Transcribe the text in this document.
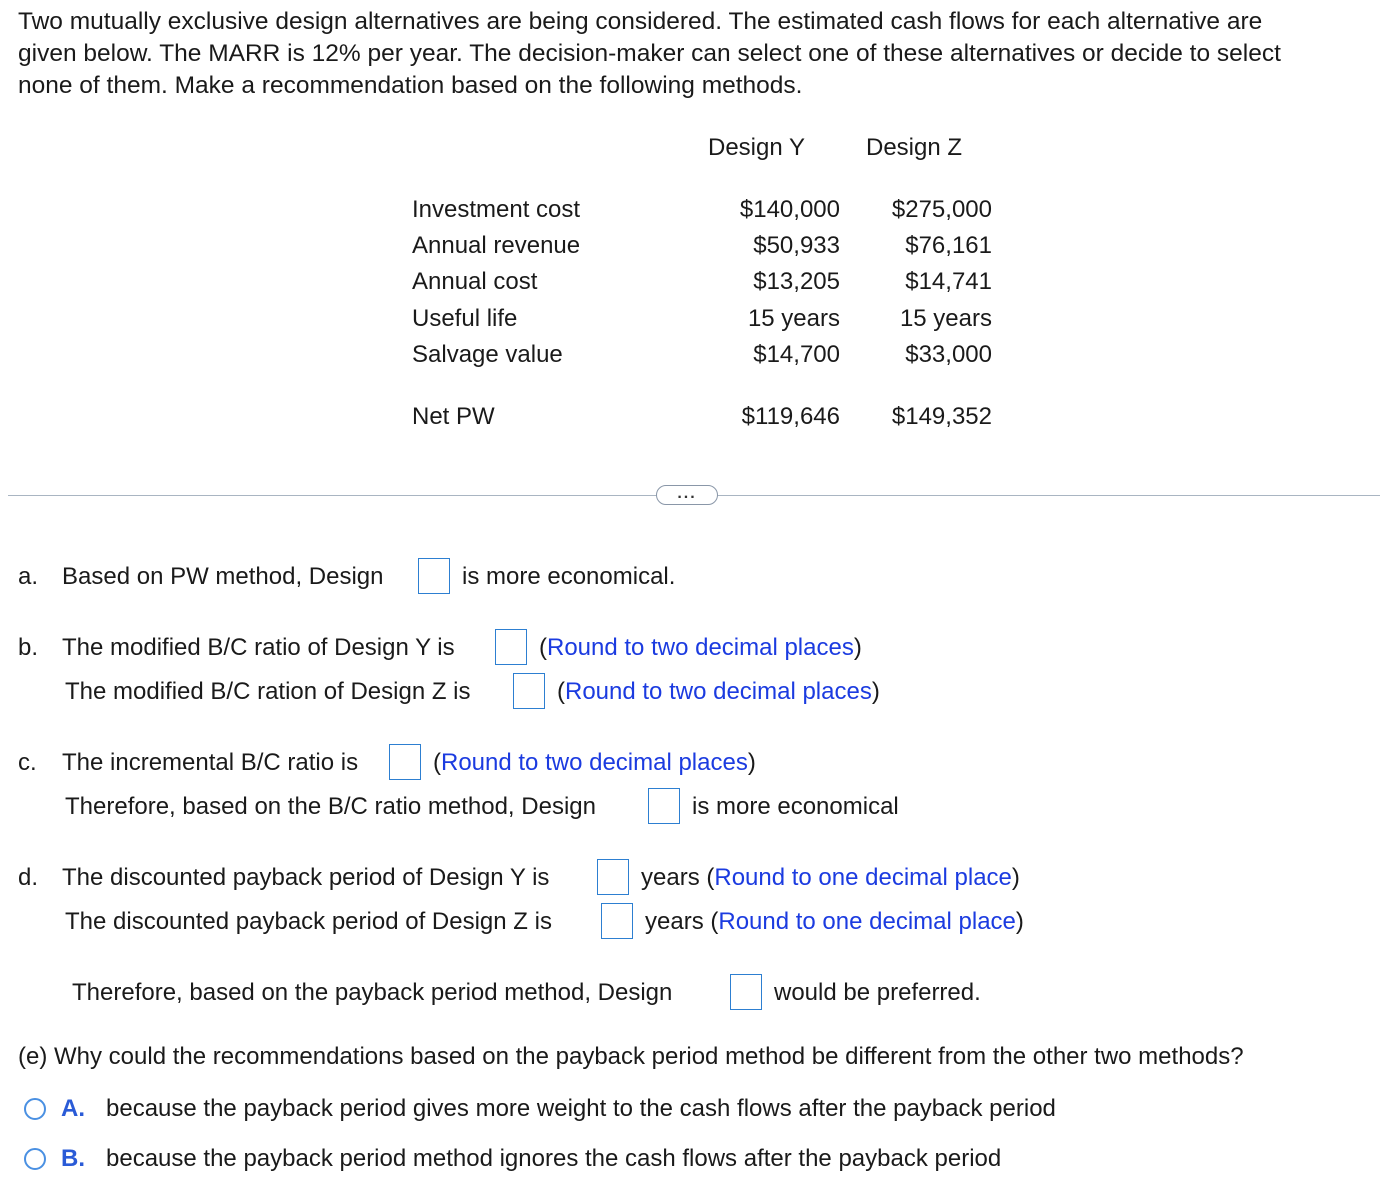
Two mutually exclusive design alternatives are being considered. The estimated cash flows for each alternative are
given below. The MARR is 12% per year. The decision-maker can select one of these alternatives or decide to select
none of them. Make a recommendation based on the following methods.
Design Y	Design Z
Investment cost	$140,000 $275,000
Annual revenue	$50,933	$76,161
Annual cost	$13,205	$14,741
Useful life	15 years 15 years
Salvage value	$14,700	$33,000
Net PW	$119,646 $149,352
...
a. Based on PW method, Design	is more economical.
b. The modified B/C ratio of Design Y is	(Round to two decimal places)
The modified B/C ration of Design Z is	(Round to two decimal places)
c. The incremental B/C ratio is	(Round to two decimal places)
Therefore, based on the B/C ratio method, Design	is more economical
d. The discounted payback period of Design Y is	years (Round to one decimal place)
The discounted payback period of Design Z is	years (Round to one decimal place)
Therefore, based on the payback period method, Design	would be preferred.
(e) Why could the recommendations based on the payback period method be different from the other two methods?
A. because the payback period gives more weight to the cash flows after the payback period
B. because the payback period method ignores the cash flows after the payback period
